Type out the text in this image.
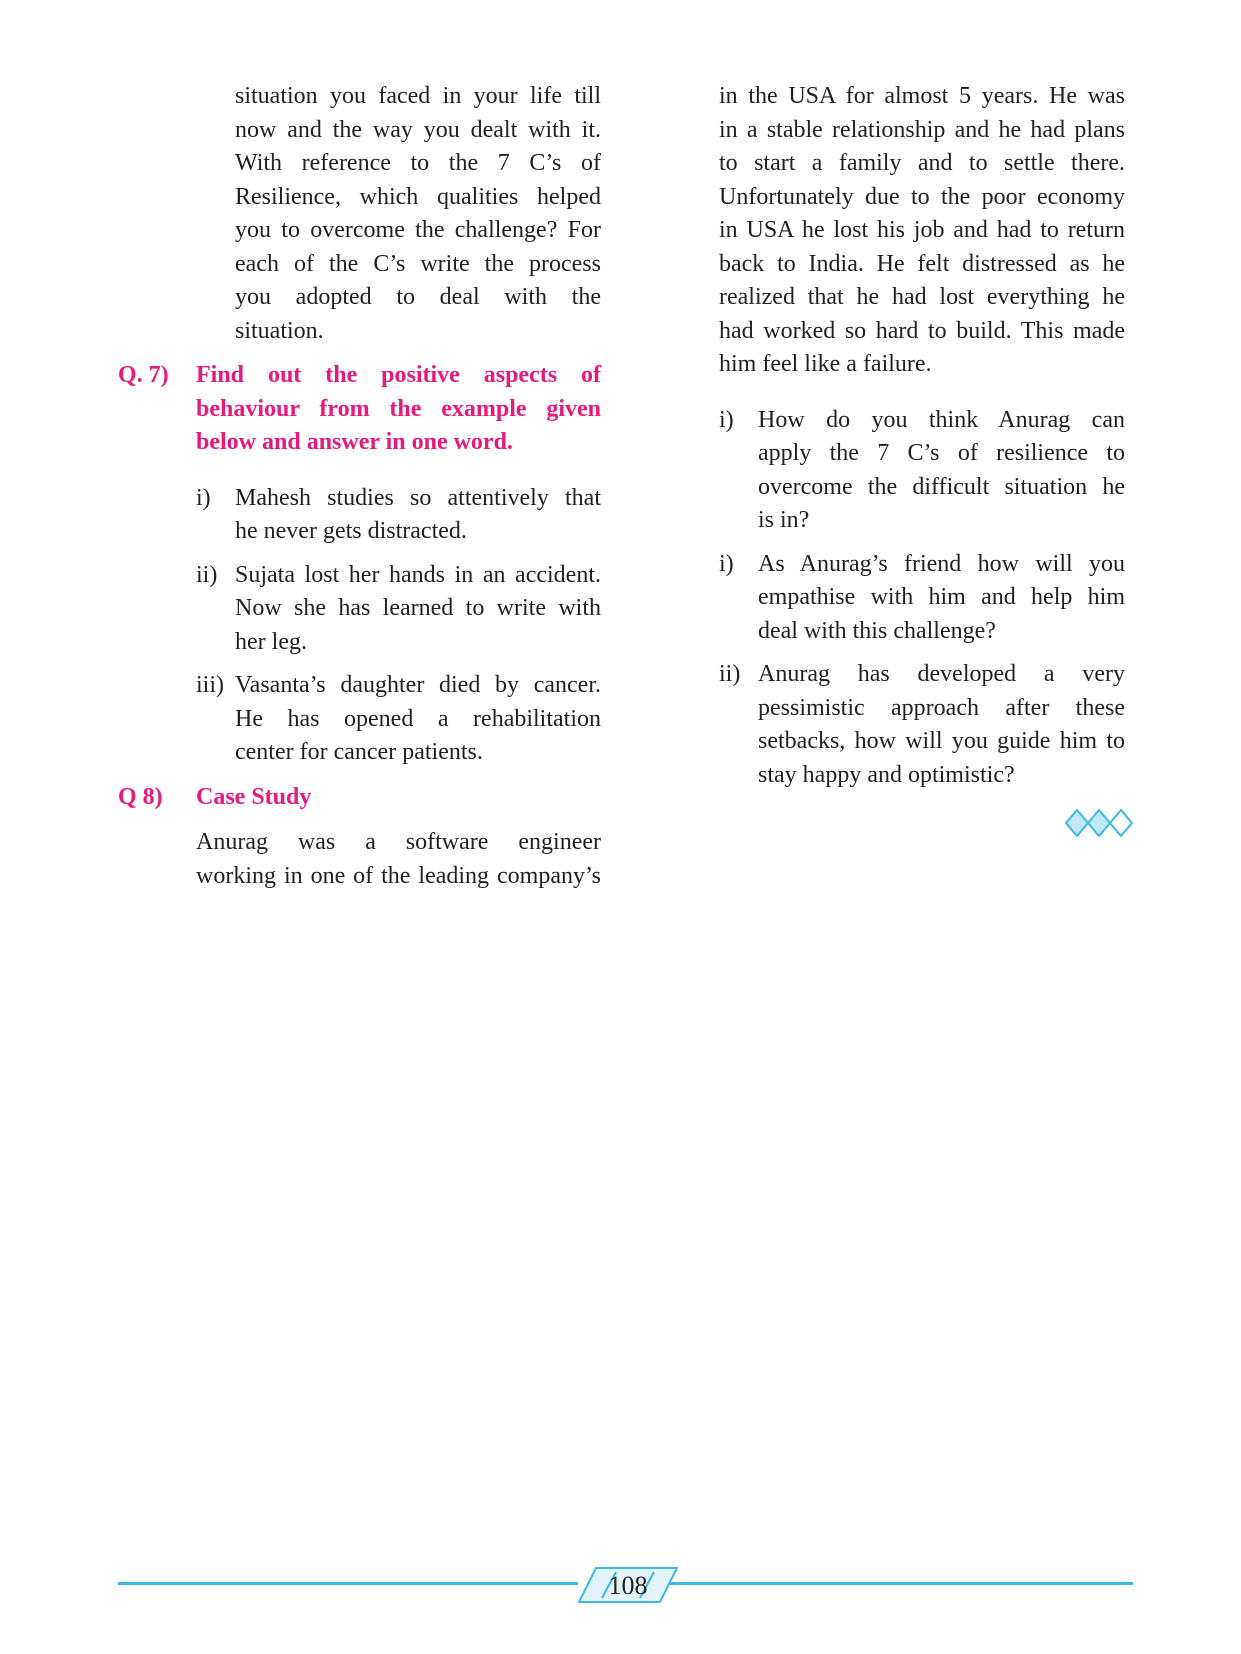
situation you faced in your life till
now and the way you dealt with it.
With reference to the 7 C’s of
Resilience, which qualities helped
you to overcome the challenge? For
each of the C’s write the process
you adopted to deal with the
situation.
Q. 7) Find out the positive aspects of
behaviour from the example given
below and answer in one word.
i) Mahesh studies so attentively that
he never gets distracted.
ii) Sujata lost her hands in an accident.
Now she has learned to write with
her leg.
iii) Vasanta’s daughter died by cancer.
He has opened a rehabilitation
center for cancer patients.
Q 8) Case Study
Anurag was a software engineer
working in one of the leading company’s
in the USA for almost 5 years. He was
in a stable relationship and he had plans
to start a family and to settle there.
Unfortunately due to the poor economy
in USA he lost his job and had to return
back to India. He felt distressed as he
realized that he had lost everything he
had worked so hard to build. This made
him feel like a failure.
i) How do you think Anurag can
apply the 7 C’s of resilience to
overcome the difficult situation he
is in?
i) As Anurag’s friend how will you
empathise with him and help him
deal with this challenge?
ii) Anurag has developed a very
pessimistic approach after these
setbacks, how will you guide him to
stay happy and optimistic?
108
